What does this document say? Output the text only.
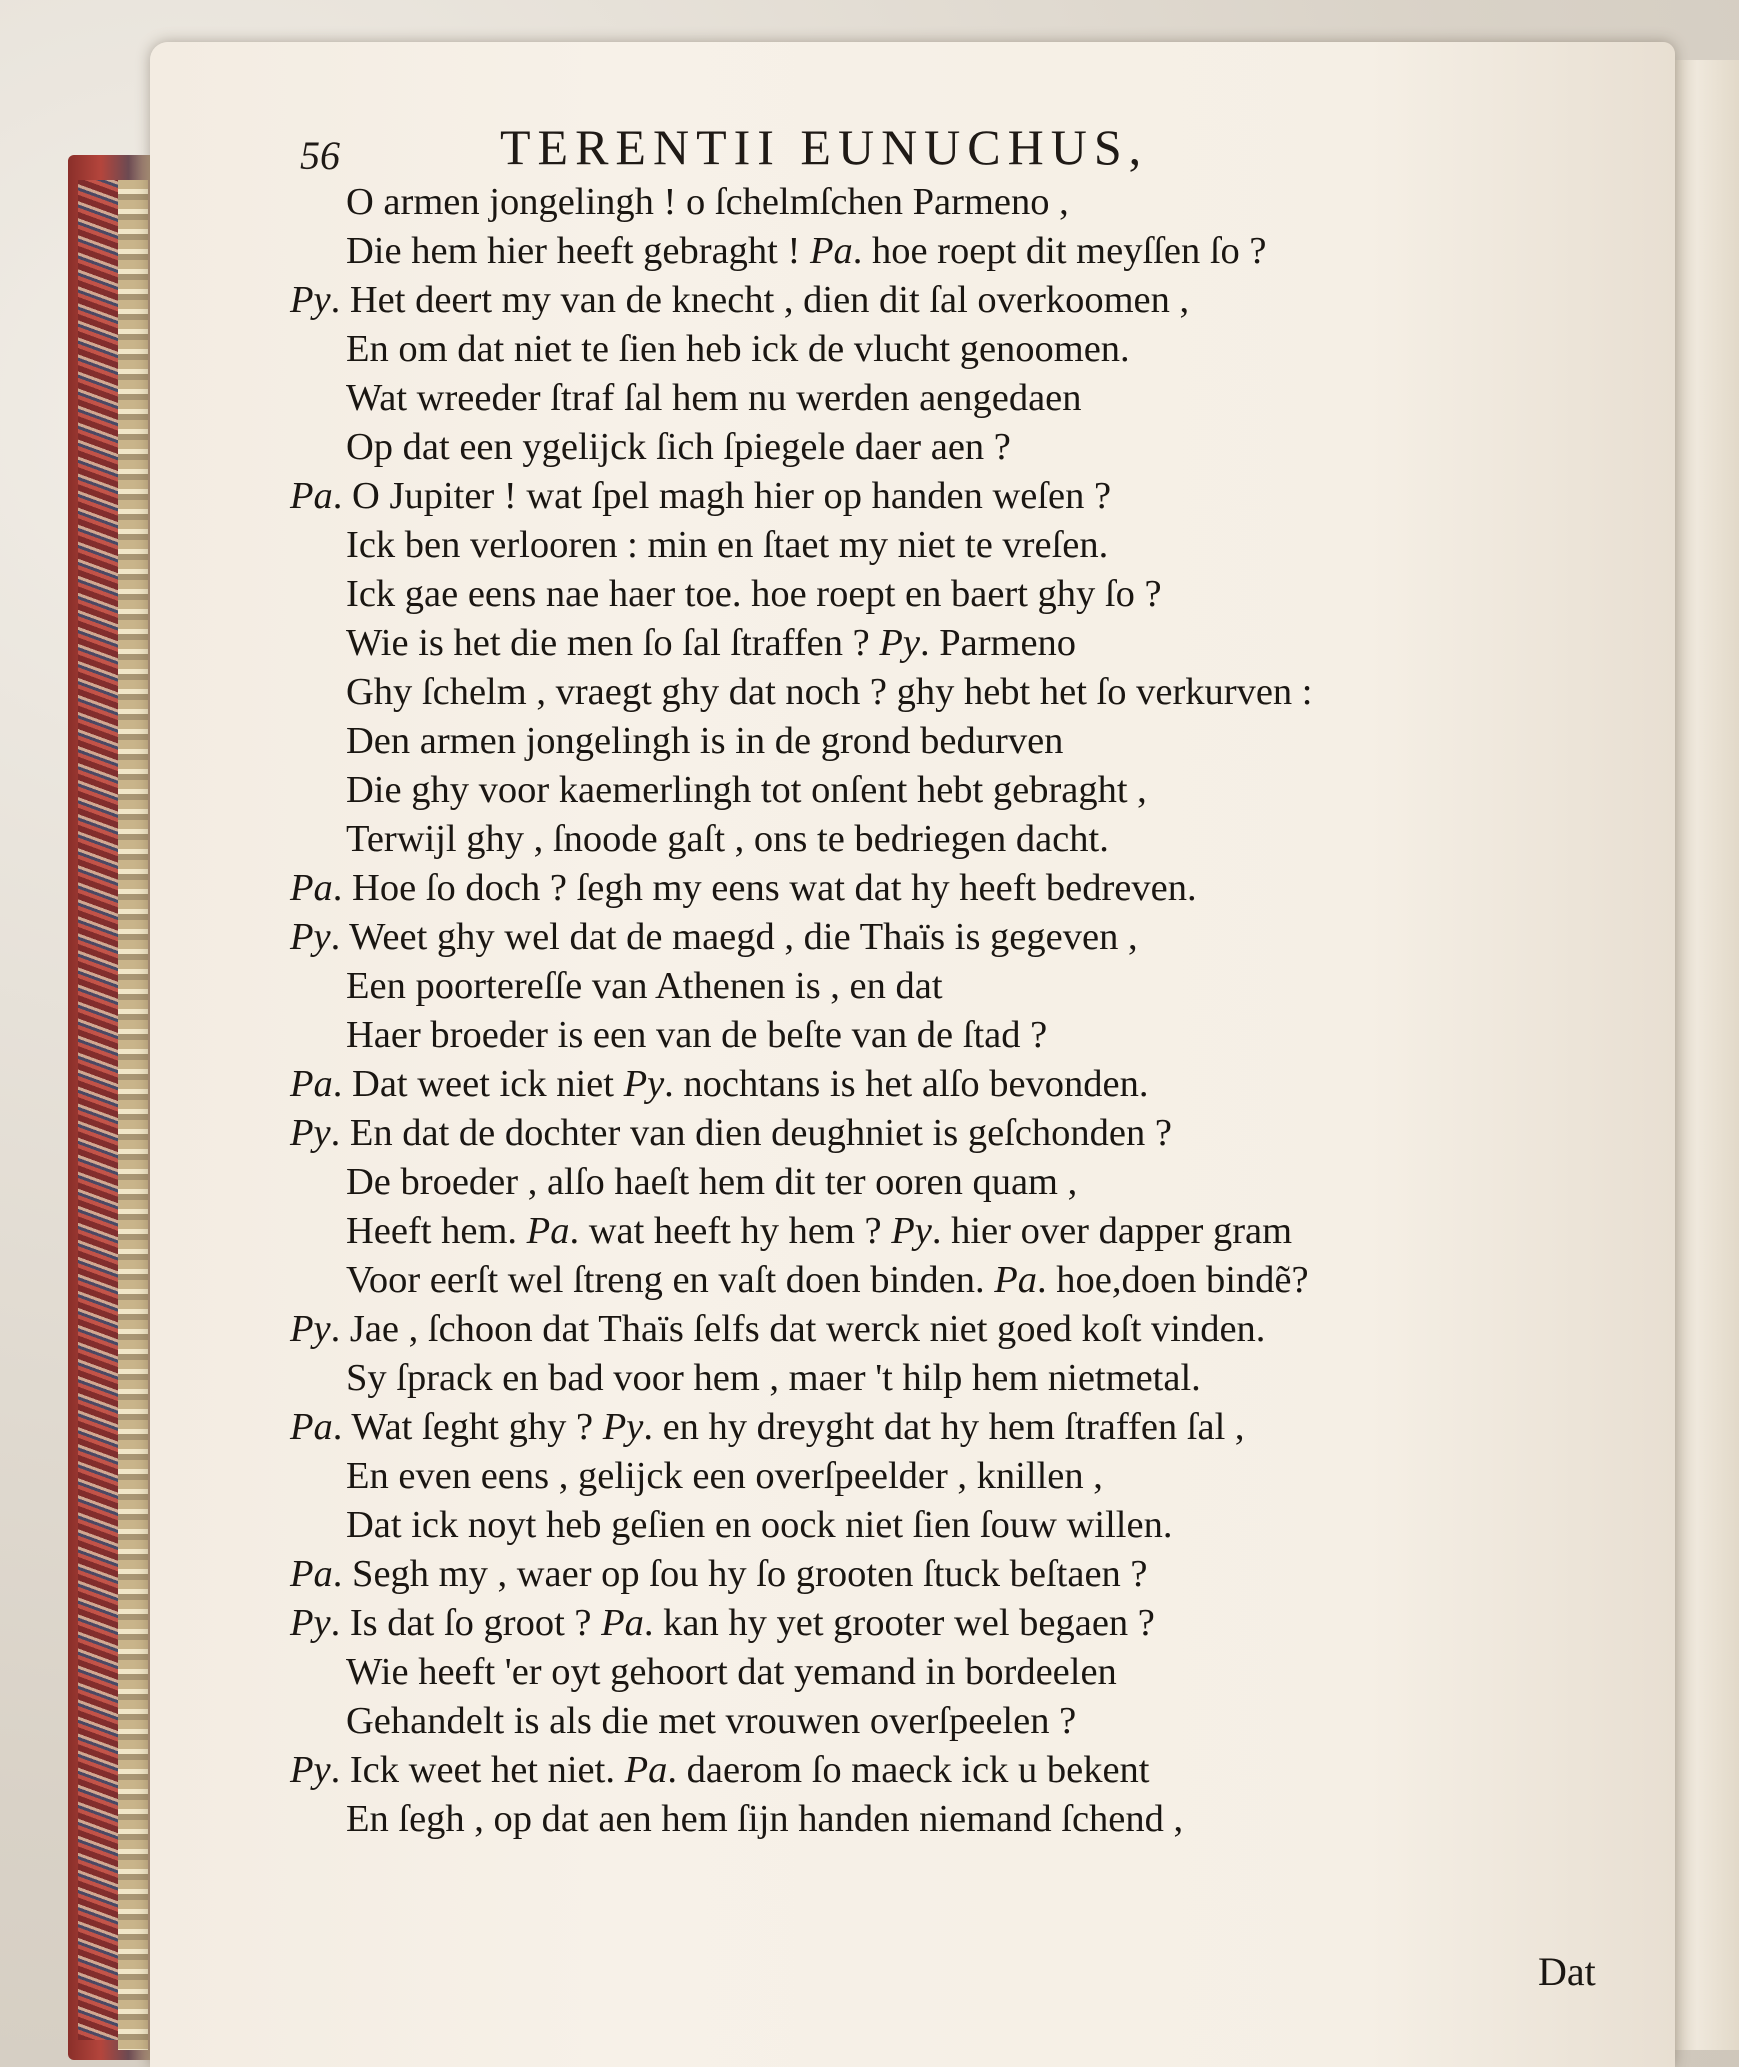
56	TERENTII EUNUCHUS,
O armen jongelingh ! o ſchelmſchen Parmeno ,
Die hem hier heeft gebraght ! Pa. hoe roept dit meyſſen ſo ?
Py. Het deert my van de knecht , dien dit ſal overkoomen ,
En om dat niet te ſien heb ick de vlucht genoomen.
Wat wreeder ſtraf ſal hem nu werden aengedaen
Op dat een ygelijck ſich ſpiegele daer aen ?
Pa. O Jupiter ! wat ſpel magh hier op handen weſen ?
Ick ben verlooren : min en ſtaet my niet te vreſen.
Ick gae eens nae haer toe. hoe roept en baert ghy ſo ?
Wie is het die men ſo ſal ſtraffen ? Py. Parmeno
Ghy ſchelm , vraegt ghy dat noch ? ghy hebt het ſo verkurven :
Den armen jongelingh is in de grond bedurven
Die ghy voor kaemerlingh tot onſent hebt gebraght ,
Terwijl ghy , ſnoode gaſt , ons te bedriegen dacht.
Pa. Hoe ſo doch ? ſegh my eens wat dat hy heeft bedreven.
Py. Weet ghy wel dat de maegd , die Thaïs is gegeven ,
Een poortereſſe van Athenen is , en dat
Haer broeder is een van de beſte van de ſtad ?
Pa. Dat weet ick niet Py. nochtans is het alſo bevonden.
Py. En dat de dochter van dien deughniet is geſchonden ?
De broeder , alſo haeſt hem dit ter ooren quam ,
Heeft hem. Pa. wat heeft hy hem ? Py. hier over dapper gram
Voor eerſt wel ſtreng en vaſt doen binden. Pa. hoe,doen bindẽ?
Py. Jae , ſchoon dat Thaïs ſelfs dat werck niet goed koſt vinden.
Sy ſprack en bad voor hem , maer 't hilp hem nietmetal.
Pa. Wat ſeght ghy ? Py. en hy dreyght dat hy hem ſtraffen ſal ,
En even eens , gelijck een overſpeelder , knillen ,
Dat ick noyt heb geſien en oock niet ſien ſouw willen.
Pa. Segh my , waer op ſou hy ſo grooten ſtuck beſtaen ?
Py. Is dat ſo groot ? Pa. kan hy yet grooter wel begaen ?
Wie heeft 'er oyt gehoort dat yemand in bordeelen
Gehandelt is als die met vrouwen overſpeelen ?
Py. Ick weet het niet. Pa. daerom ſo maeck ick u bekent
En ſegh , op dat aen hem ſijn handen niemand ſchend ,
Dat
